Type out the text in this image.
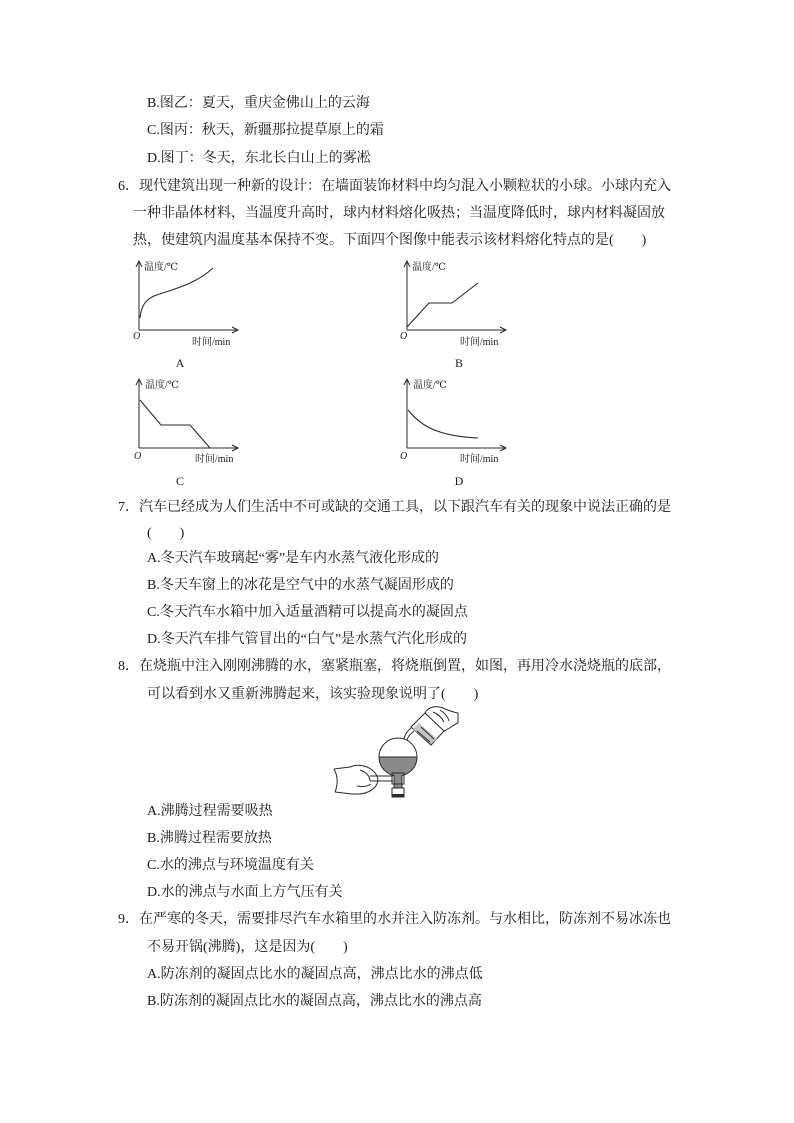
B.图乙：夏天，重庆金佛山上的云海
C.图丙：秋天，新疆那拉提草原上的霜
D.图丁：冬天，东北长白山上的雾凇
6．现代建筑出现一种新的设计：在墙面装饰材料中均匀混入小颗粒状的小球。小球内充入
一种非晶体材料，当温度升高时，球内材料熔化吸热；当温度降低时，球内材料凝固放
热，使建筑内温度基本保持不变。下面四个图像中能表示该材料熔化特点的是(　　)
7．汽车已经成为人们生活中不可或缺的交通工具，以下跟汽车有关的现象中说法正确的是
(　　)
A.冬天汽车玻璃起“雾”是车内水蒸气液化形成的
B.冬天车窗上的冰花是空气中的水蒸气凝固形成的
C.冬天汽车水箱中加入适量酒精可以提高水的凝固点
D.冬天汽车排气管冒出的“白气”是水蒸气汽化形成的
8．在烧瓶中注入刚刚沸腾的水，塞紧瓶塞，将烧瓶倒置，如图，再用冷水浇烧瓶的底部，
可以看到水又重新沸腾起来，该实验现象说明了(　　)
A.沸腾过程需要吸热
B.沸腾过程需要放热
C.水的沸点与环境温度有关
D.水的沸点与水面上方气压有关
9．在严寒的冬天，需要排尽汽车水箱里的水并注入防冻剂。与水相比，防冻剂不易冰冻也
不易开锅(沸腾)，这是因为(　　)
A.防冻剂的凝固点比水的凝固点高，沸点比水的沸点低
B.防冻剂的凝固点比水的凝固点高，沸点比水的沸点高
温度/℃
O
时间/min
A
温度/℃
O
时间/min
B
温度/℃
O	时间/min
C
温度/℃
O	时间/min
D
